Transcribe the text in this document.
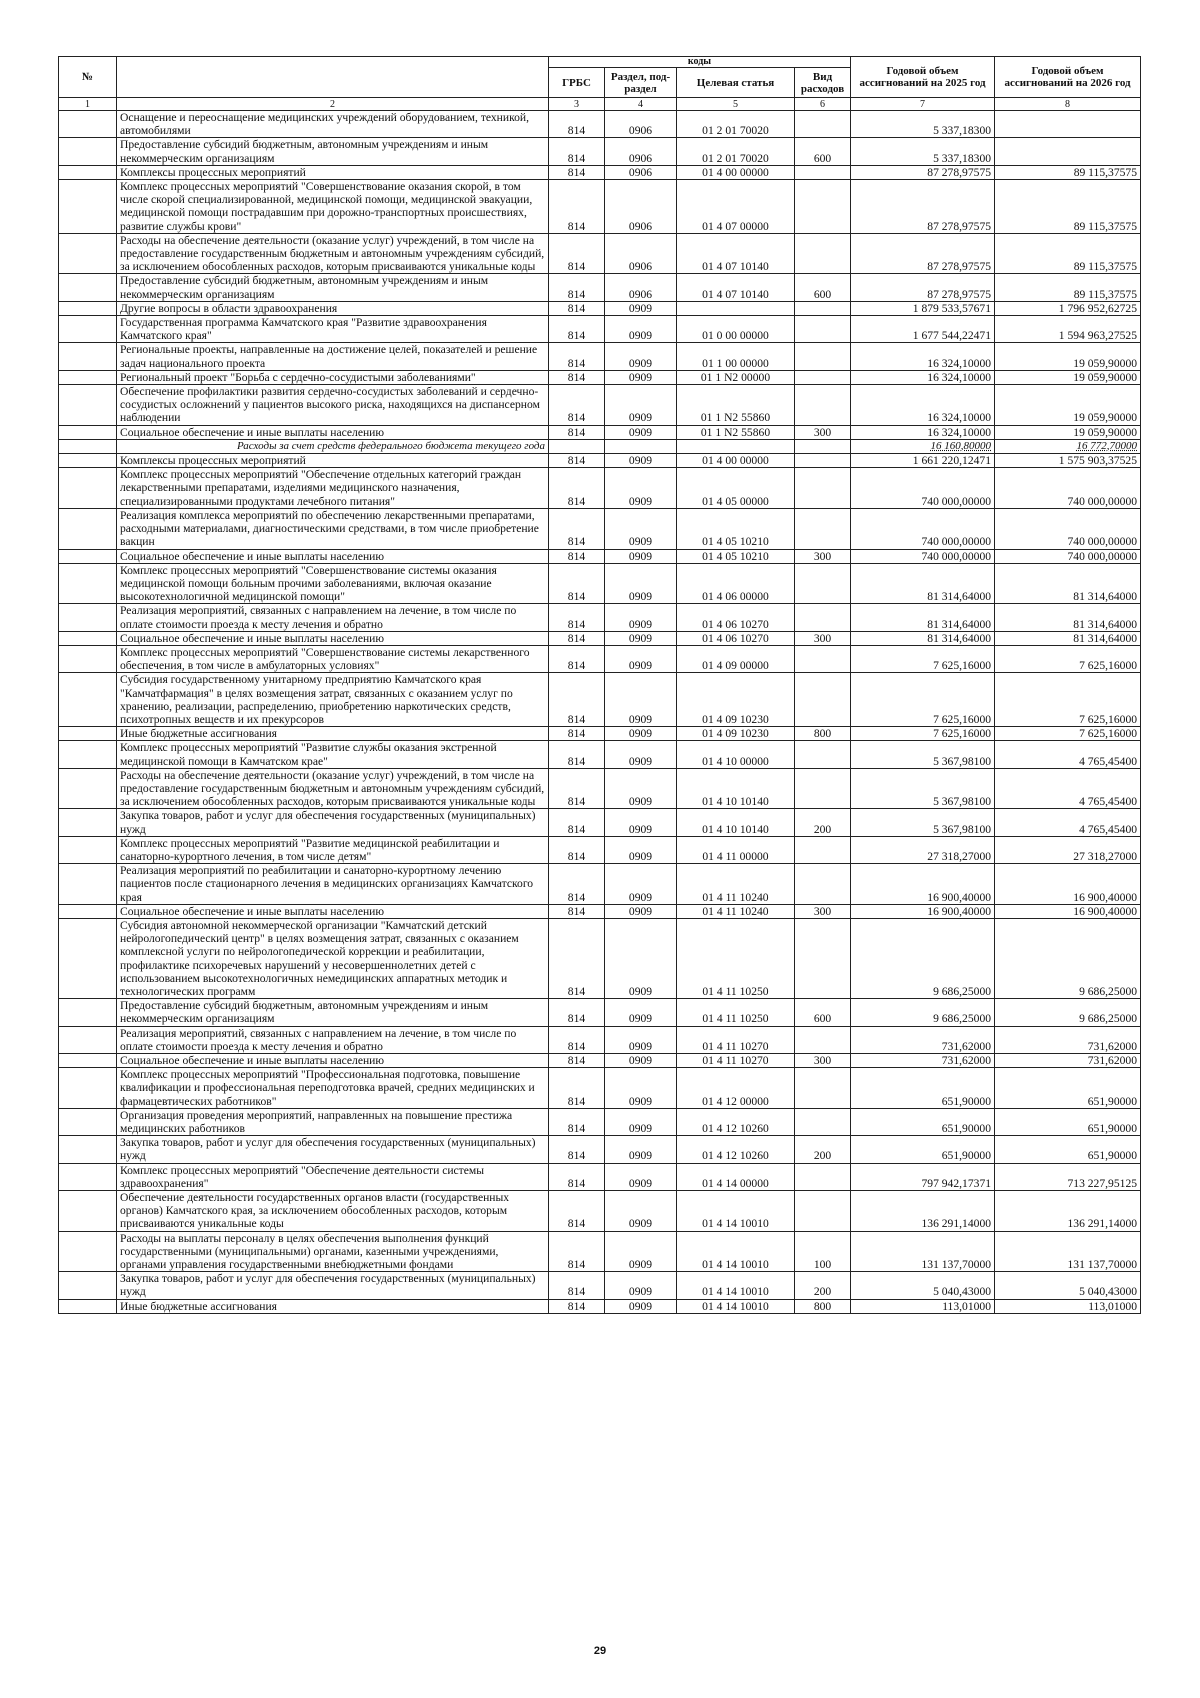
№		коды				Годовой объем ассигнований на 2025 год	Годовой объем ассигнований на 2026 год
		ГРБС	Раздел, под-раздел	Целевая статья	Вид расходов		
1	2	3	4	5	6	7	8
	Оснащение и переоснащение медицинских учреждений оборудованием, техникой, автомобилями	814	0906	01 2 01 70020		5 337,18300	
	Предоставление субсидий бюджетным, автономным учреждениям и иным некоммерческим организациям	814	0906	01 2 01 70020	600	5 337,18300	
	Комплексы процессных мероприятий	814	0906	01 4 00 00000		87 278,97575	89 115,37575
	Комплекс процессных мероприятий "Совершенствование оказания скорой, в том числе скорой специализированной, медицинской помощи, медицинской эвакуации, медицинской помощи пострадавшим при дорожно-транспортных происшествиях, развитие службы крови"	814	0906	01 4 07 00000		87 278,97575	89 115,37575
	Расходы на обеспечение деятельности (оказание услуг) учреждений, в том числе на предоставление государственным бюджетным и автономным учреждениям субсидий, за исключением обособленных расходов, которым присваиваются уникальные коды	814	0906	01 4 07 10140		87 278,97575	89 115,37575
	Предоставление субсидий бюджетным, автономным учреждениям и иным некоммерческим организациям	814	0906	01 4 07 10140	600	87 278,97575	89 115,37575
	Другие вопросы в области здравоохранения	814	0909			1 879 533,57671	1 796 952,62725
	Государственная программа Камчатского края "Развитие здравоохранения Камчатского края"	814	0909	01 0 00 00000		1 677 544,22471	1 594 963,27525
	Региональные проекты, направленные на достижение целей, показателей и решение задач национального проекта	814	0909	01 1 00 00000		16 324,10000	19 059,90000
	Региональный проект "Борьба с сердечно-сосудистыми заболеваниями"	814	0909	01 1 N2 00000		16 324,10000	19 059,90000
	Обеспечение профилактики развития сердечно-сосудистых заболеваний и сердечно-сосудистых осложнений у пациентов высокого риска, находящихся на диспансерном наблюдении	814	0909	01 1 N2 55860		16 324,10000	19 059,90000
	Социальное обеспечение и иные выплаты населению	814	0909	01 1 N2 55860	300	16 324,10000	19 059,90000
	Расходы за счет средств федерального бюджета текущего года					16 160,80000	16 772,70000
	Комплексы процессных мероприятий	814	0909	01 4 00 00000		1 661 220,12471	1 575 903,37525
	Комплекс процессных мероприятий "Обеспечение отдельных категорий граждан лекарственными препаратами, изделиями медицинского назначения, специализированными продуктами лечебного питания"	814	0909	01 4 05 00000		740 000,00000	740 000,00000
	Реализация комплекса мероприятий по обеспечению лекарственными препаратами, расходными материалами, диагностическими средствами, в том числе приобретение вакцин	814	0909	01 4 05 10210		740 000,00000	740 000,00000
	Социальное обеспечение и иные выплаты населению	814	0909	01 4 05 10210	300	740 000,00000	740 000,00000
	Комплекс процессных мероприятий "Совершенствование системы оказания медицинской помощи больным прочими заболеваниями, включая оказание высокотехнологичной медицинской помощи"	814	0909	01 4 06 00000		81 314,64000	81 314,64000
	Реализация мероприятий, связанных с направлением на лечение, в том числе по оплате стоимости проезда к месту лечения и обратно	814	0909	01 4 06 10270		81 314,64000	81 314,64000
	Социальное обеспечение и иные выплаты населению	814	0909	01 4 06 10270	300	81 314,64000	81 314,64000
	Комплекс процессных мероприятий "Совершенствование системы лекарственного обеспечения, в том числе в амбулаторных условиях"	814	0909	01 4 09 00000		7 625,16000	7 625,16000
	Субсидия государственному унитарному предприятию Камчатского края "Камчатфармация" в целях возмещения затрат, связанных с оказанием услуг по хранению, реализации, распределению, приобретению наркотических средств, психотропных веществ и их прекурсоров	814	0909	01 4 09 10230		7 625,16000	7 625,16000
	Иные бюджетные ассигнования	814	0909	01 4 09 10230	800	7 625,16000	7 625,16000
	Комплекс процессных мероприятий "Развитие службы оказания экстренной медицинской помощи в Камчатском крае"	814	0909	01 4 10 00000		5 367,98100	4 765,45400
	Расходы на обеспечение деятельности (оказание услуг) учреждений, в том числе на предоставление государственным бюджетным и автономным учреждениям субсидий, за исключением обособленных расходов, которым присваиваются уникальные коды	814	0909	01 4 10 10140		5 367,98100	4 765,45400
	Закупка товаров, работ и услуг для обеспечения государственных (муниципальных) нужд	814	0909	01 4 10 10140	200	5 367,98100	4 765,45400
	Комплекс процессных мероприятий "Развитие медицинской реабилитации и санаторно-курортного лечения, в том числе детям"	814	0909	01 4 11 00000		27 318,27000	27 318,27000
	Реализация мероприятий по реабилитации и санаторно-курортному лечению пациентов после стационарного лечения в медицинских организациях Камчатского края	814	0909	01 4 11 10240		16 900,40000	16 900,40000
	Социальное обеспечение и иные выплаты населению	814	0909	01 4 11 10240	300	16 900,40000	16 900,40000
	Субсидия автономной некоммерческой организации "Камчатский детский нейрологопедический центр" в целях возмещения затрат, связанных с оказанием комплексной услуги по нейрологопедической коррекции и реабилитации, профилактике психоречевых нарушений у несовершеннолетних детей с использованием высокотехнологичных немедицинских аппаратных методик и технологических программ	814	0909	01 4 11 10250		9 686,25000	9 686,25000
	Предоставление субсидий бюджетным, автономным учреждениям и иным некоммерческим организациям	814	0909	01 4 11 10250	600	9 686,25000	9 686,25000
	Реализация мероприятий, связанных с направлением на лечение, в том числе по оплате стоимости проезда к месту лечения и обратно	814	0909	01 4 11 10270		731,62000	731,62000
	Социальное обеспечение и иные выплаты населению	814	0909	01 4 11 10270	300	731,62000	731,62000
	Комплекс процессных мероприятий "Профессиональная подготовка, повышение квалификации и профессиональная переподготовка врачей, средних медицинских и фармацевтических работников"	814	0909	01 4 12 00000		651,90000	651,90000
	Организация проведения мероприятий, направленных на повышение престижа медицинских работников	814	0909	01 4 12 10260		651,90000	651,90000
	Закупка товаров, работ и услуг для обеспечения государственных (муниципальных) нужд	814	0909	01 4 12 10260	200	651,90000	651,90000
	Комплекс процессных мероприятий "Обеспечение деятельности системы здравоохранения"	814	0909	01 4 14 00000		797 942,17371	713 227,95125
	Обеспечение деятельности государственных органов власти (государственных органов) Камчатского края, за исключением обособленных расходов, которым присваиваются уникальные коды	814	0909	01 4 14 10010		136 291,14000	136 291,14000
	Расходы на выплаты персоналу в целях обеспечения выполнения функций государственными (муниципальными) органами, казенными учреждениями, органами управления государственными внебюджетными фондами	814	0909	01 4 14 10010	100	131 137,70000	131 137,70000
	Закупка товаров, работ и услуг для обеспечения государственных (муниципальных) нужд	814	0909	01 4 14 10010	200	5 040,43000	5 040,43000
	Иные бюджетные ассигнования	814	0909	01 4 14 10010	800	113,01000	113,01000
29
